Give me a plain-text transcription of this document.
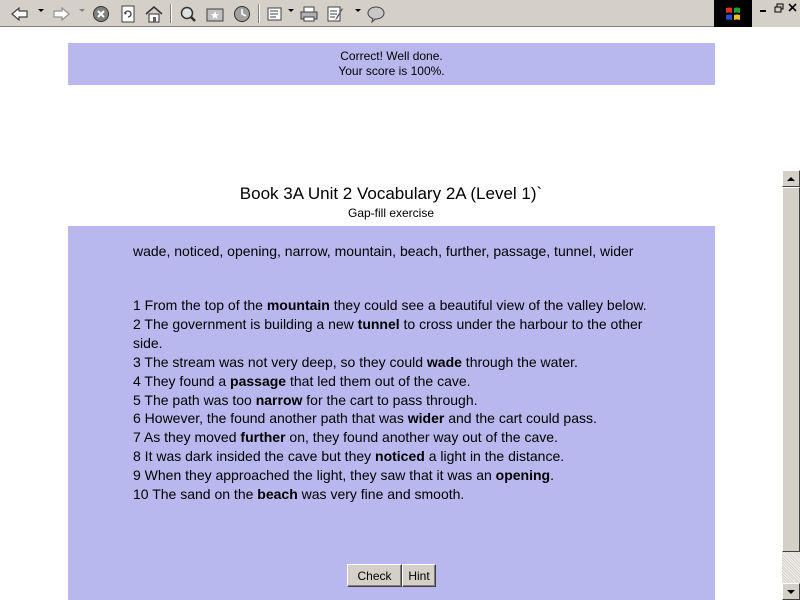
Correct! Well done.
Your score is 100%.
Book 3A Unit 2 Vocabulary 2A (Level 1)`
Gap-fill exercise
wade, noticed, opening, narrow, mountain, beach, further, passage, tunnel, wider

1 From the top of the mountain they could see a beautiful view of the valley below.

2 The government is building a new tunnel to cross under the harbour to the other side.

3 The stream was not very deep, so they could wade through the water.

4 They found a passage that led them out of the cave.

5 The path was too narrow for the cart to pass through.

6 However, the found another path that was wider and the cart could pass.

7 As they moved further on, they found another way out of the cave.

8 It was dark insided the cave but they noticed a light in the distance.

9 When they approached the light, they saw that it was an opening.

10 The sand on the beach was very fine and smooth.

Check	Hint
